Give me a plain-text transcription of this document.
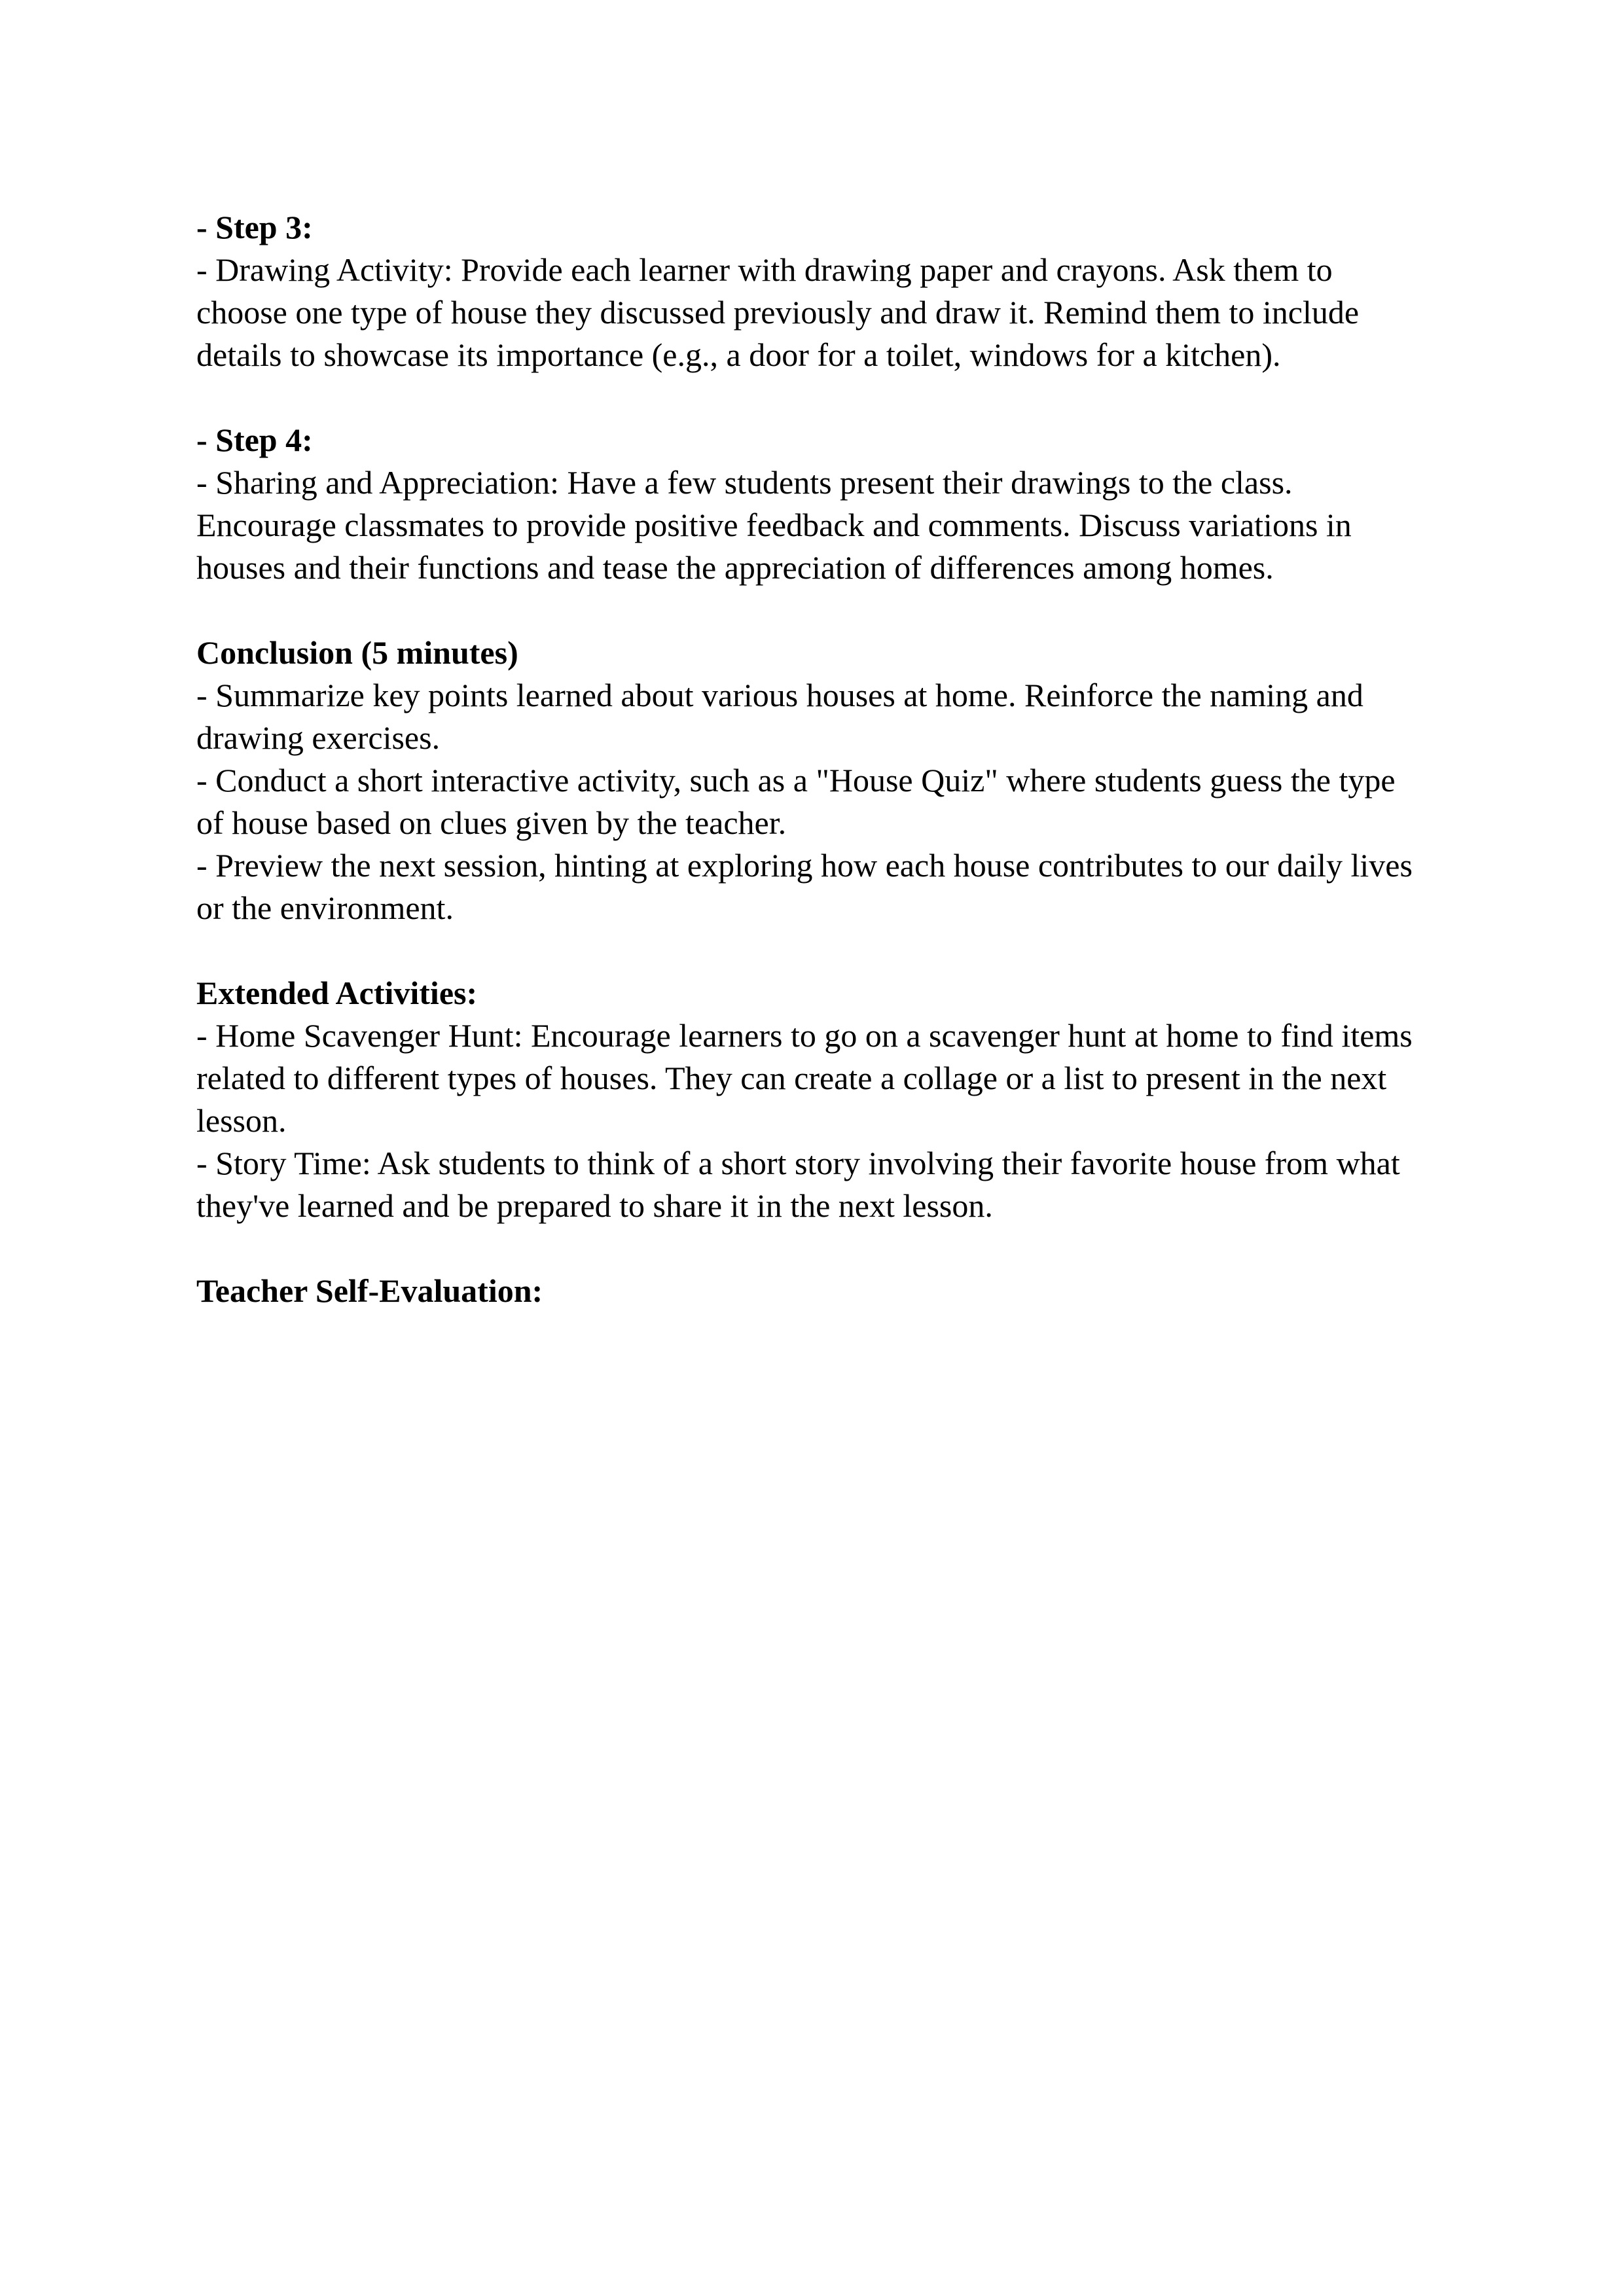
- Step 3:

- Drawing Activity: Provide each learner with drawing paper and crayons. Ask them to choose one type of house they discussed previously and draw it. Remind them to include details to showcase its importance (e.g., a door for a toilet, windows for a kitchen).

- Step 4:

- Sharing and Appreciation: Have a few students present their drawings to the class. Encourage classmates to provide positive feedback and comments. Discuss variations in houses and their functions and tease the appreciation of differences among homes.

Conclusion (5 minutes)

- Summarize key points learned about various houses at home. Reinforce the naming and drawing exercises.

- Conduct a short interactive activity, such as a "House Quiz" where students guess the type of house based on clues given by the teacher.

- Preview the next session, hinting at exploring how each house contributes to our daily lives or the environment.

Extended Activities:

- Home Scavenger Hunt: Encourage learners to go on a scavenger hunt at home to find items related to different types of houses. They can create a collage or a list to present in the next lesson.

- Story Time: Ask students to think of a short story involving their favorite house from what they've learned and be prepared to share it in the next lesson.

Teacher Self-Evaluation:
